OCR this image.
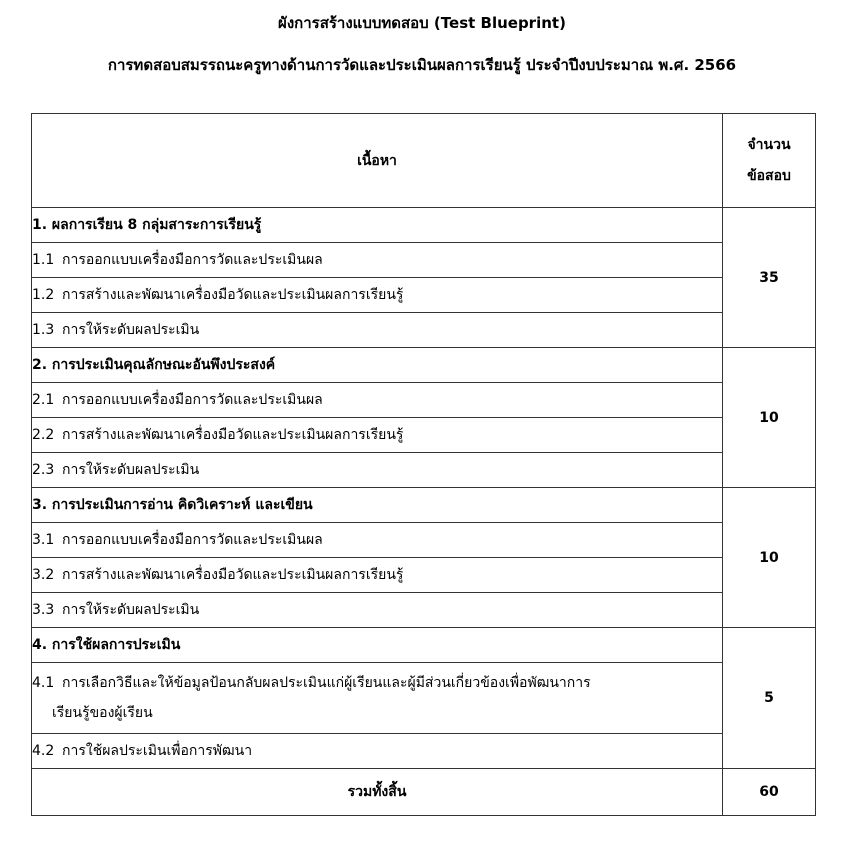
ผังการสร้างแบบทดสอบ (Test Blueprint)
การทดสอบสมรรถนะครูทางด้านการวัดและประเมินผลการเรียนรู้ ประจำปีงบประมาณ พ.ศ. 2566
เนื้อหา	จำนวน
ข้อสอบ
1. ผลการเรียน 8 กลุ่มสาระการเรียนรู้	35
1.1 การออกแบบเครื่องมือการวัดและประเมินผล	
1.2 การสร้างและพัฒนาเครื่องมือวัดและประเมินผลการเรียนรู้	
1.3 การให้ระดับผลประเมิน	
2. การประเมินคุณลักษณะอันพึงประสงค์	10
2.1 การออกแบบเครื่องมือการวัดและประเมินผล	
2.2 การสร้างและพัฒนาเครื่องมือวัดและประเมินผลการเรียนรู้	
2.3 การให้ระดับผลประเมิน	
3. การประเมินการอ่าน คิดวิเคราะห์ และเขียน	10
3.1 การออกแบบเครื่องมือการวัดและประเมินผล	
3.2 การสร้างและพัฒนาเครื่องมือวัดและประเมินผลการเรียนรู้	
3.3 การให้ระดับผลประเมิน	
4. การใช้ผลการประเมิน	5
4.1 การเลือกวิธีและให้ข้อมูลป้อนกลับผลประเมินแก่ผู้เรียนและผู้มีส่วนเกี่ยวข้องเพื่อพัฒนาการ
เรียนรู้ของผู้เรียน	

4.2 การใช้ผลประเมินเพื่อการพัฒนา	
รวมทั้งสิ้น	60
